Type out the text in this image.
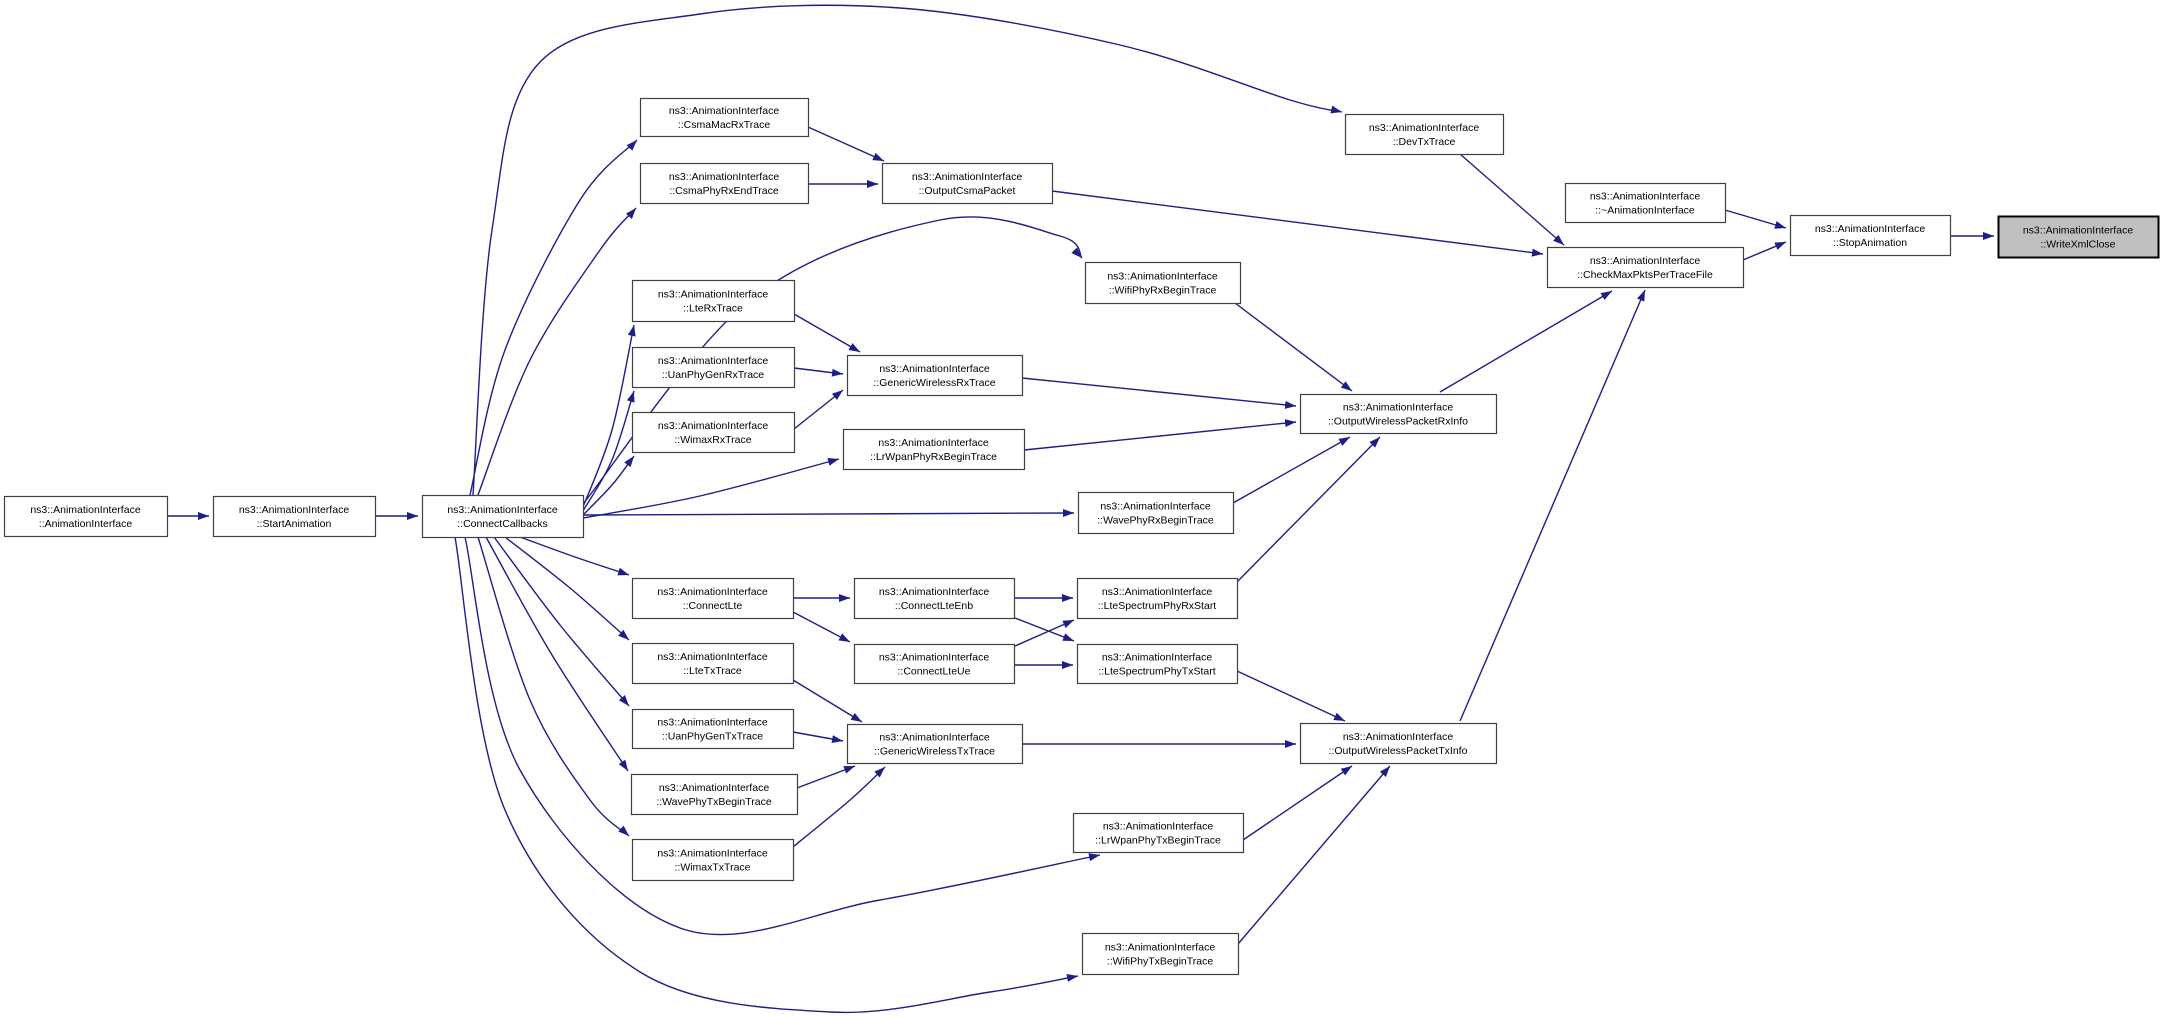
ns3::AnimationInterface
::AnimationInterface
ns3::AnimationInterface
::StartAnimation
ns3::AnimationInterface
::ConnectCallbacks
ns3::AnimationInterface
::CsmaMacRxTrace
ns3::AnimationInterface
::CsmaPhyRxEndTrace
ns3::AnimationInterface
::OutputCsmaPacket
ns3::AnimationInterface
::DevTxTrace
ns3::AnimationInterface
::WifiPhyRxBeginTrace
ns3::AnimationInterface
::LteRxTrace
ns3::AnimationInterface
::UanPhyGenRxTrace
ns3::AnimationInterface
::WimaxRxTrace
ns3::AnimationInterface
::GenericWirelessRxTrace
ns3::AnimationInterface
::LrWpanPhyRxBeginTrace
ns3::AnimationInterface
::WavePhyRxBeginTrace
ns3::AnimationInterface
::OutputWirelessPacketRxInfo
ns3::AnimationInterface
::ConnectLte
ns3::AnimationInterface
::ConnectLteEnb
ns3::AnimationInterface
::LteSpectrumPhyRxStart
ns3::AnimationInterface
::LteTxTrace
ns3::AnimationInterface
::ConnectLteUe
ns3::AnimationInterface
::LteSpectrumPhyTxStart
ns3::AnimationInterface
::UanPhyGenTxTrace	ns3::AnimationInterface
::GenericWirelessTxTrace
ns3::AnimationInterface
::WavePhyTxBeginTrace
ns3::AnimationInterface
::WimaxTxTrace
ns3::AnimationInterface
::LrWpanPhyTxBeginTrace
ns3::AnimationInterface
::WifiPhyTxBeginTrace
ns3::AnimationInterface
::OutputWirelessPacketTxInfo
ns3::AnimationInterface
::CheckMaxPktsPerTraceFile
ns3::AnimationInterface
::~AnimationInterface
ns3::AnimationInterface
::StopAnimation
ns3::AnimationInterface
::WriteXmlClose
